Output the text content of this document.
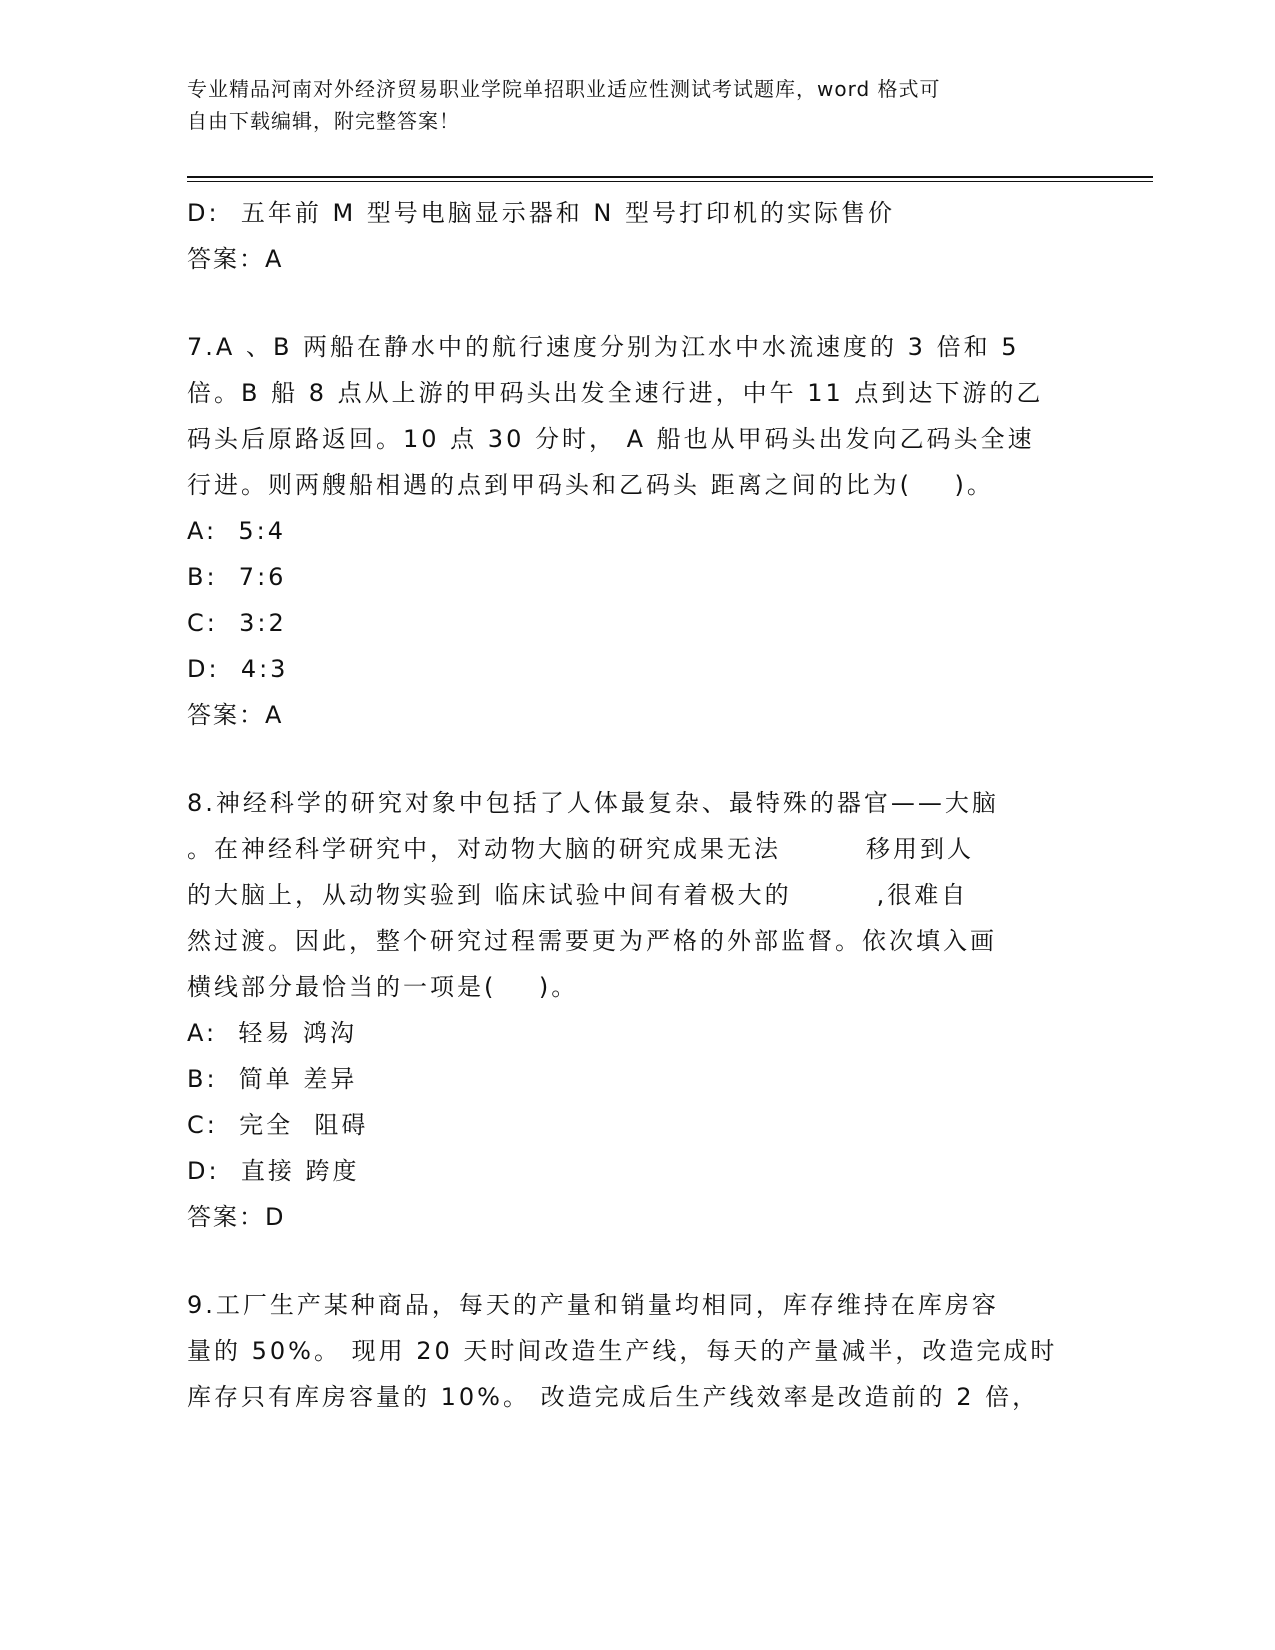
专业精品河南对外经济贸易职业学院单招职业适应性测试考试题库，word 格式可
自由下载编辑，附完整答案！
D:  五年前 M 型号电脑显示器和 N 型号打印机的实际售价
答案：A
7.A 、B 两船在静水中的航行速度分别为江水中水流速度的 3 倍和 5
倍。B 船 8 点从上游的甲码头出发全速行进，中午 11 点到达下游的乙
码头后原路返回。10 点 30 分时， A 船也从甲码头出发向乙码头全速
行进。则两艘船相遇的点到甲码头和乙码头 距离之间的比为(    )。
A:  5:4
B:  7:6
C:  3:2
D:  4:3
答案：A
8.神经科学的研究对象中包括了人体最复杂、最特殊的器官——大脑
。在神经科学研究中，对动物大脑的研究成果无法        移用到人
的大脑上，从动物实验到 临床试验中间有着极大的        ,很难自
然过渡。因此，整个研究过程需要更为严格的外部监督。依次填入画
横线部分最恰当的一项是(    )。
A:  轻易 鸿沟
B:  简单 差异
C:  完全  阻碍
D:  直接 跨度
答案：D
9.工厂生产某种商品，每天的产量和销量均相同，库存维持在库房容
量的 50%。 现用 20 天时间改造生产线，每天的产量减半，改造完成时
库存只有库房容量的 10%。 改造完成后生产线效率是改造前的 2 倍，
